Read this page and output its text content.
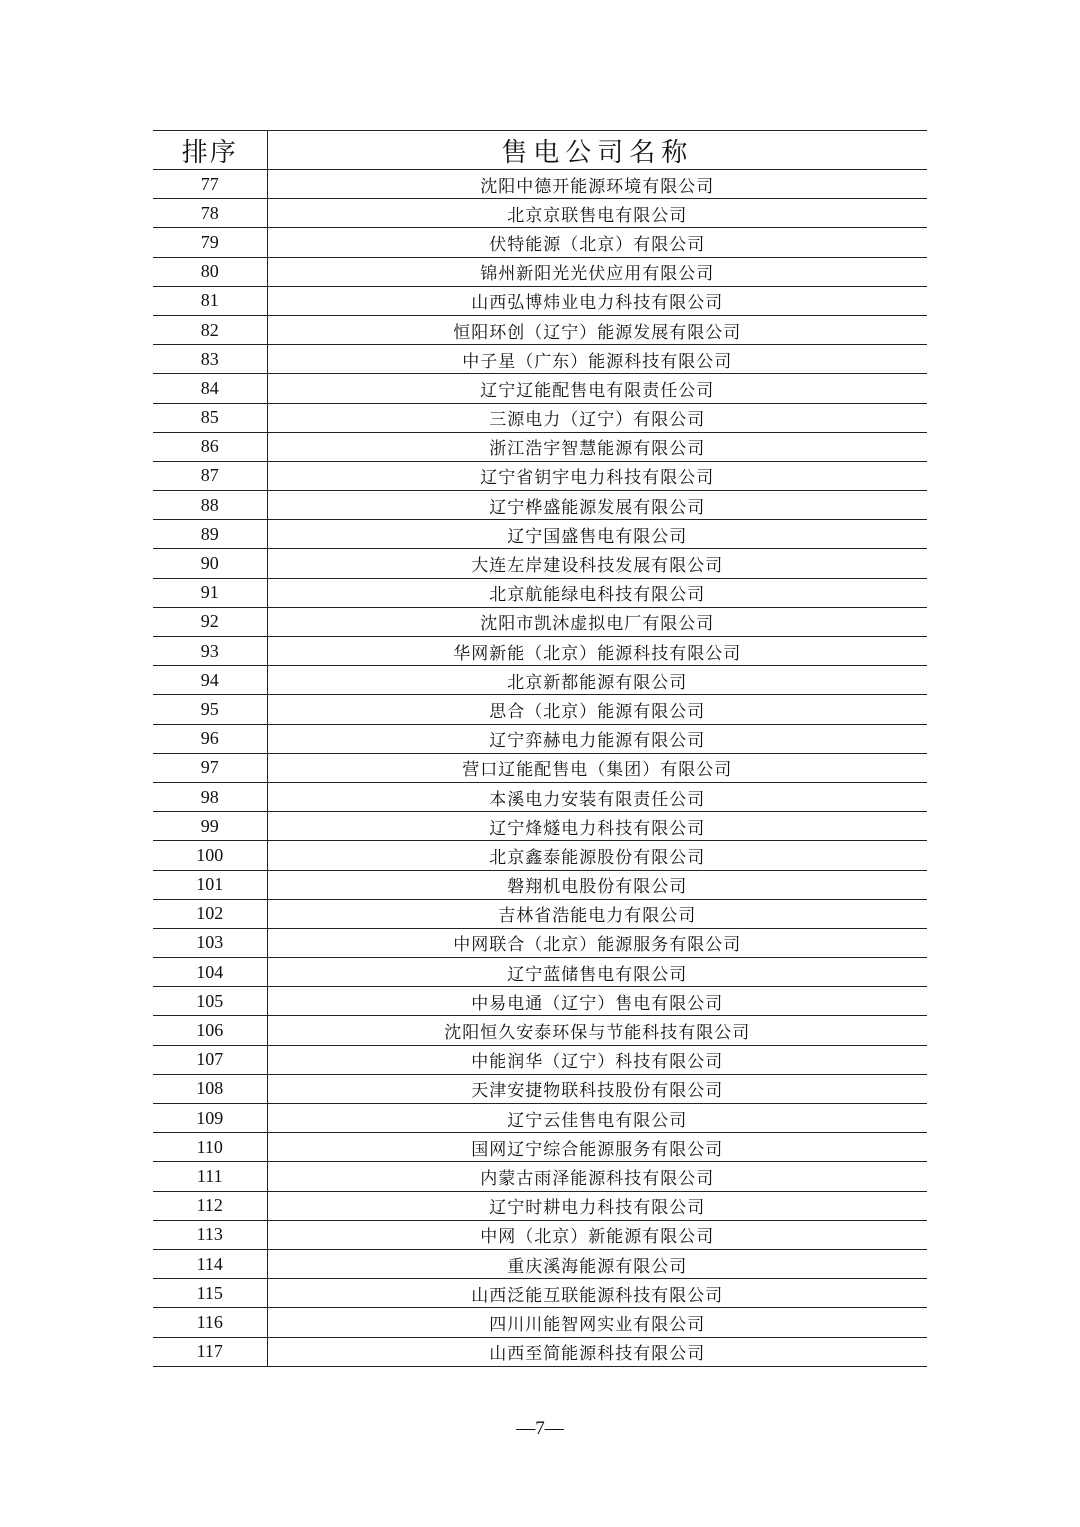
排序	售电公司名称
77	沈阳中德开能源环境有限公司
78	北京京联售电有限公司
79	伏特能源（北京）有限公司
80	锦州新阳光光伏应用有限公司
81	山西弘博炜业电力科技有限公司
82	恒阳环创（辽宁）能源发展有限公司
83	中子星（广东）能源科技有限公司
84	辽宁辽能配售电有限责任公司
85	三源电力（辽宁）有限公司
86	浙江浩宇智慧能源有限公司
87	辽宁省钥宇电力科技有限公司
88	辽宁桦盛能源发展有限公司
89	辽宁国盛售电有限公司
90	大连左岸建设科技发展有限公司
91	北京航能绿电科技有限公司
92	沈阳市凯沐虚拟电厂有限公司
93	华网新能（北京）能源科技有限公司
94	北京新都能源有限公司
95	思合（北京）能源有限公司
96	辽宁弈赫电力能源有限公司
97	营口辽能配售电（集团）有限公司
98	本溪电力安装有限责任公司
99	辽宁烽燧电力科技有限公司
100	北京鑫泰能源股份有限公司
101	磐翔机电股份有限公司
102	吉林省浩能电力有限公司
103	中网联合（北京）能源服务有限公司
104	辽宁蓝储售电有限公司
105	中易电通（辽宁）售电有限公司
106	沈阳恒久安泰环保与节能科技有限公司
107	中能润华（辽宁）科技有限公司
108	天津安捷物联科技股份有限公司
109	辽宁云佳售电有限公司
110	国网辽宁综合能源服务有限公司
111	内蒙古雨泽能源科技有限公司
112	辽宁时耕电力科技有限公司
113	中网（北京）新能源有限公司
114	重庆溪海能源有限公司
115	山西泛能互联能源科技有限公司
116	四川川能智网实业有限公司
117	山西至简能源科技有限公司
—7—
